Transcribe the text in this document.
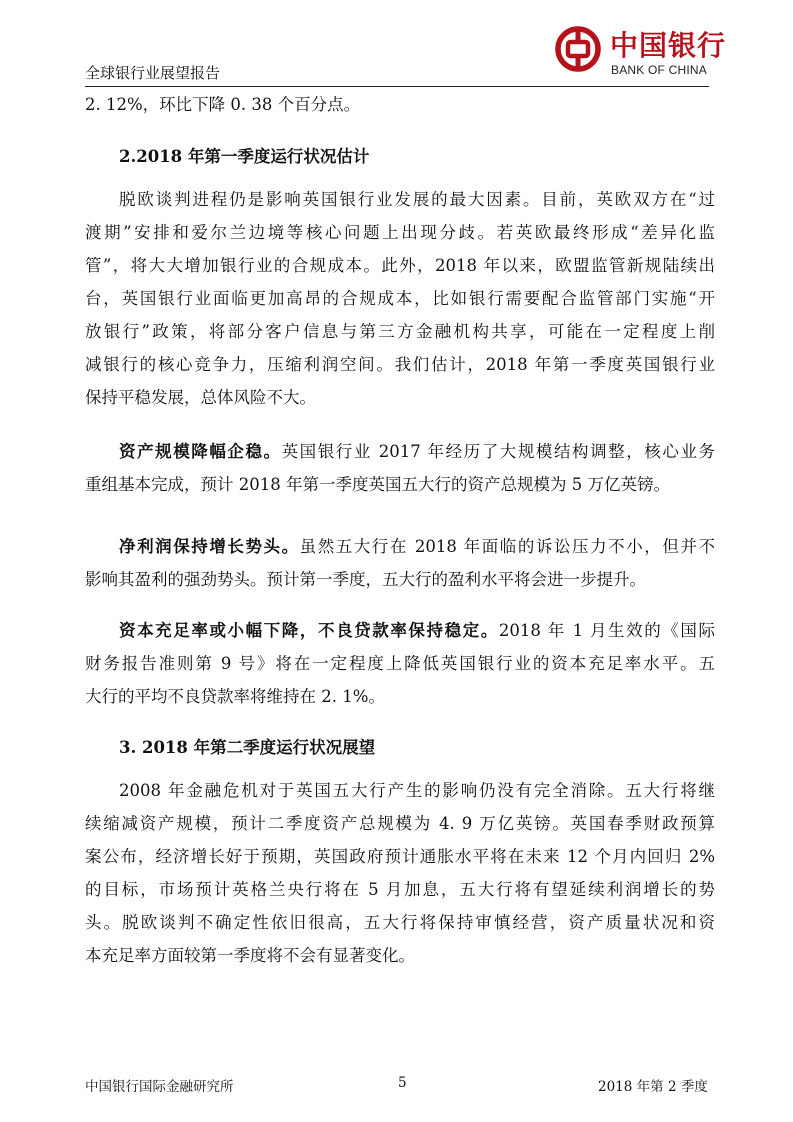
全球银行业展望报告
中国银行
BANK OF CHINA
2. 12%，环比下降 0. 38 个百分点。
2.2018 年第一季度运行状况估计
脱欧谈判进程仍是影响英国银行业发展的最大因素。目前，英欧双方在“过
渡期”安排和爱尔兰边境等核心问题上出现分歧。若英欧最终形成“差异化监
管”，将大大增加银行业的合规成本。此外，2018 年以来，欧盟监管新规陆续出
台，英国银行业面临更加高昂的合规成本，比如银行需要配合监管部门实施“开
放银行”政策，将部分客户信息与第三方金融机构共享，可能在一定程度上削
减银行的核心竞争力，压缩利润空间。我们估计，2018 年第一季度英国银行业
保持平稳发展，总体风险不大。
资产规模降幅企稳。英国银行业 2017 年经历了大规模结构调整，核心业务
重组基本完成，预计 2018 年第一季度英国五大行的资产总规模为 5 万亿英镑。
净利润保持增长势头。虽然五大行在 2018 年面临的诉讼压力不小，但并不
影响其盈利的强劲势头。预计第一季度，五大行的盈利水平将会进一步提升。
资本充足率或小幅下降，不良贷款率保持稳定。2018 年 1 月生效的《国际
财务报告准则第 9 号》将在一定程度上降低英国银行业的资本充足率水平。五
大行的平均不良贷款率将维持在 2. 1%。
3. 2018 年第二季度运行状况展望
2008 年金融危机对于英国五大行产生的影响仍没有完全消除。五大行将继
续缩减资产规模，预计二季度资产总规模为 4. 9 万亿英镑。英国春季财政预算
案公布，经济增长好于预期，英国政府预计通胀水平将在未来 12 个月内回归 2%
的目标，市场预计英格兰央行将在 5 月加息，五大行将有望延续利润增长的势
头。脱欧谈判不确定性依旧很高，五大行将保持审慎经营，资产质量状况和资
本充足率方面较第一季度将不会有显著变化。
中国银行国际金融研究所	5	2018 年第 2 季度
